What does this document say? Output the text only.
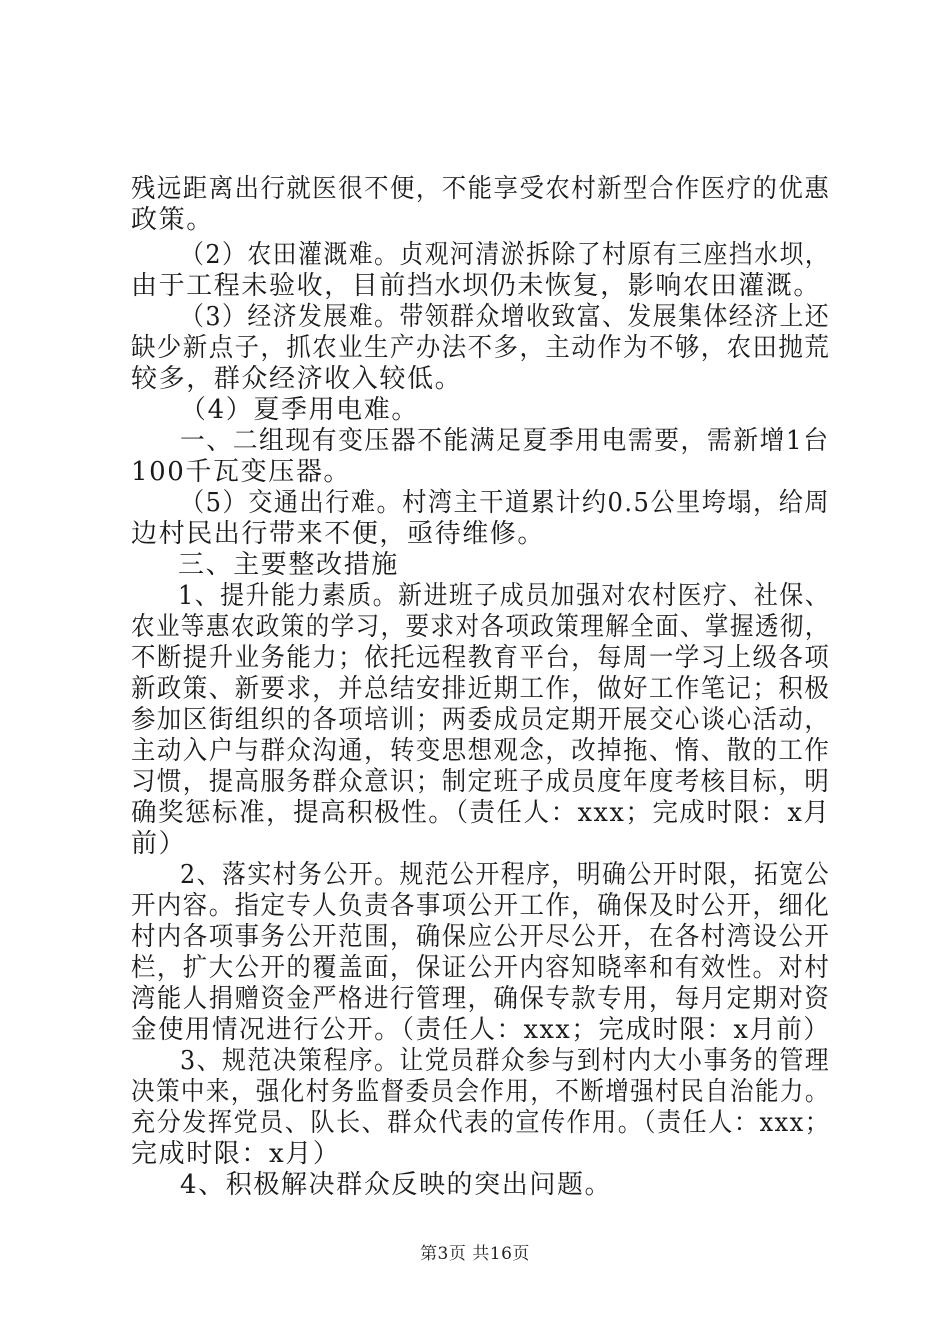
残远距离出行就医很不便，不能享受农村新型合作医疗的优惠
政策。
（2）农田灌溉难。贞观河清淤拆除了村原有三座挡水坝，
由于工程未验收，目前挡水坝仍未恢复，影响农田灌溉。
（3）经济发展难。带领群众增收致富、发展集体经济上还
缺少新点子，抓农业生产办法不多，主动作为不够，农田抛荒
较多，群众经济收入较低。
（4）夏季用电难。
一、二组现有变压器不能满足夏季用电需要，需新增1台
100千瓦变压器。
（5）交通出行难。村湾主干道累计约0.5公里垮塌，给周
边村民出行带来不便，亟待维修。
三、主要整改措施
1、提升能力素质。新进班子成员加强对农村医疗、社保、
农业等惠农政策的学习，要求对各项政策理解全面、掌握透彻，
不断提升业务能力；依托远程教育平台，每周一学习上级各项
新政策、新要求，并总结安排近期工作，做好工作笔记；积极
参加区街组织的各项培训；两委成员定期开展交心谈心活动，
主动入户与群众沟通，转变思想观念，改掉拖、惰、散的工作
习惯，提高服务群众意识；制定班子成员度年度考核目标，明
确奖惩标准，提高积极性。（责任人：xxx；完成时限：x月
前）
2、落实村务公开。规范公开程序，明确公开时限，拓宽公
开内容。指定专人负责各事项公开工作，确保及时公开，细化
村内各项事务公开范围，确保应公开尽公开，在各村湾设公开
栏，扩大公开的覆盖面，保证公开内容知晓率和有效性。对村
湾能人捐赠资金严格进行管理，确保专款专用，每月定期对资
金使用情况进行公开。（责任人：xxx；完成时限：x月前）
3、规范决策程序。让党员群众参与到村内大小事务的管理
决策中来，强化村务监督委员会作用，不断增强村民自治能力。
充分发挥党员、队长、群众代表的宣传作用。（责任人：xxx；
完成时限：x月）
4、积极解决群众反映的突出问题。
第3页 共16页
